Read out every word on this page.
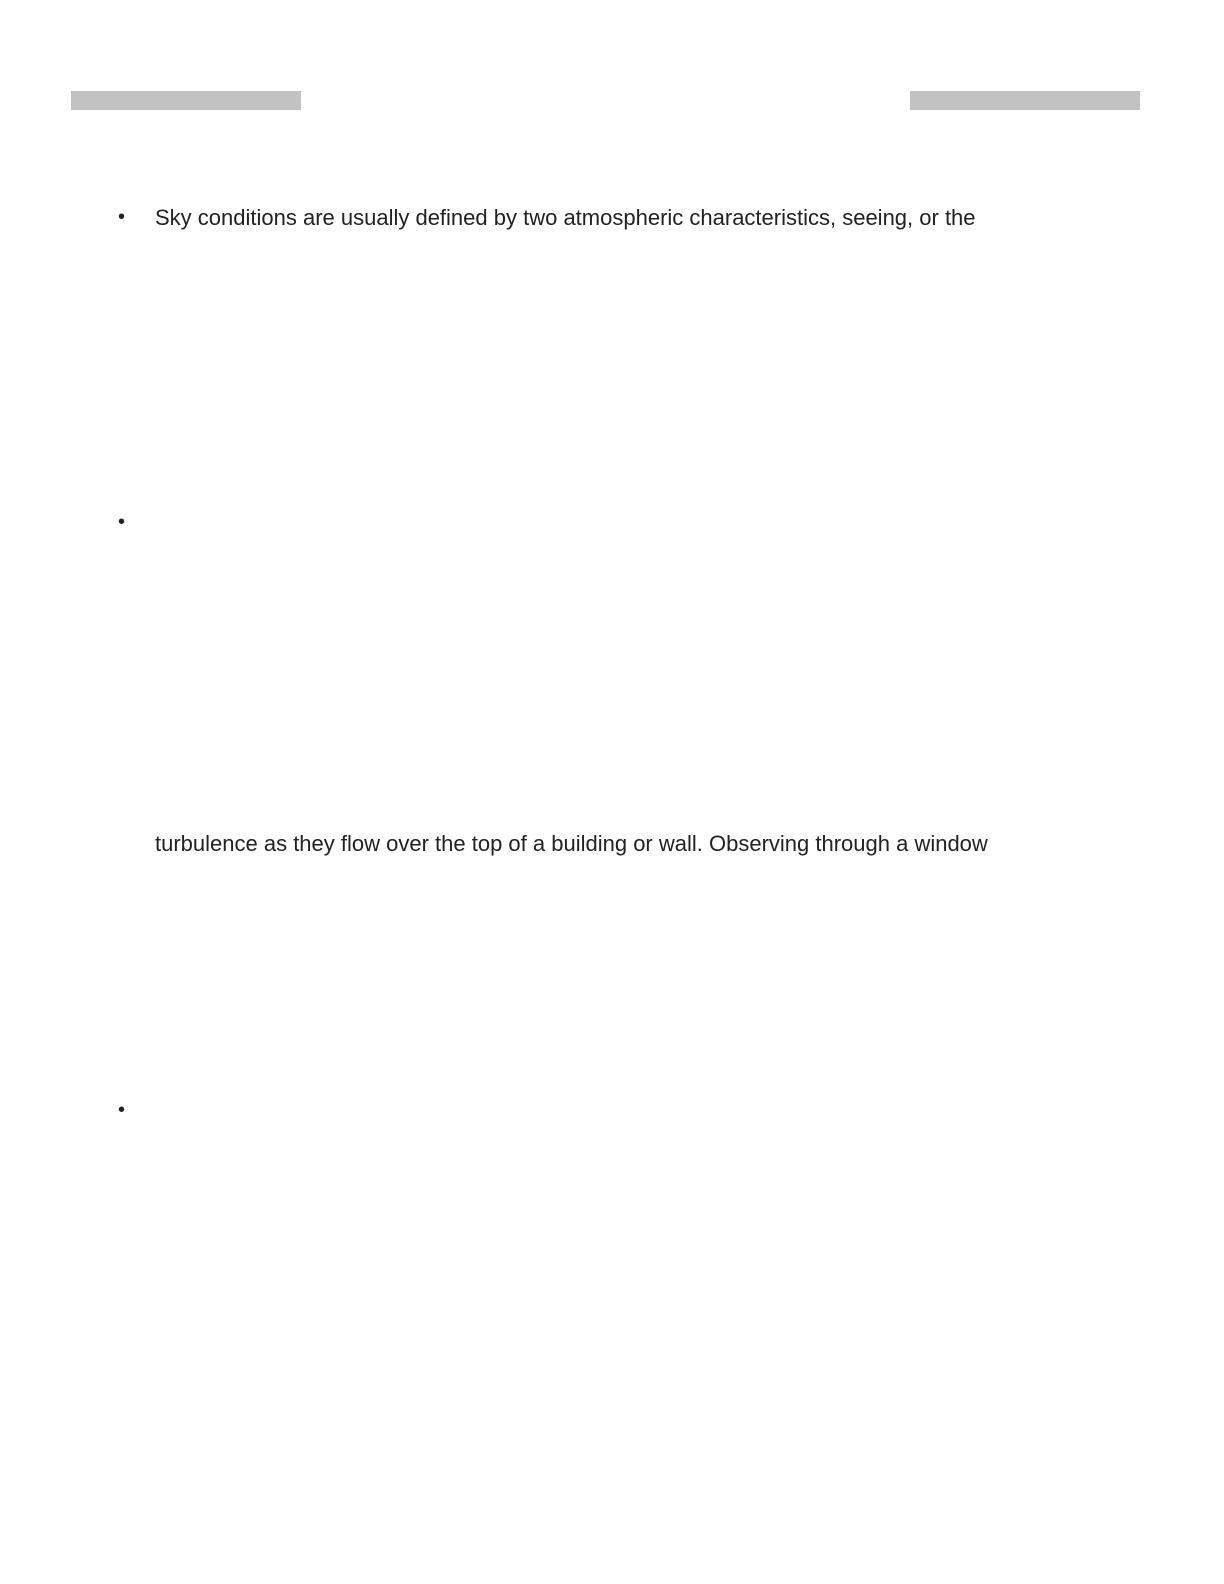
• Sky conditions are usually defined by two atmospheric characteristics, seeing, or the
•
turbulence as they flow over the top of a building or wall. Observing through a window
•
